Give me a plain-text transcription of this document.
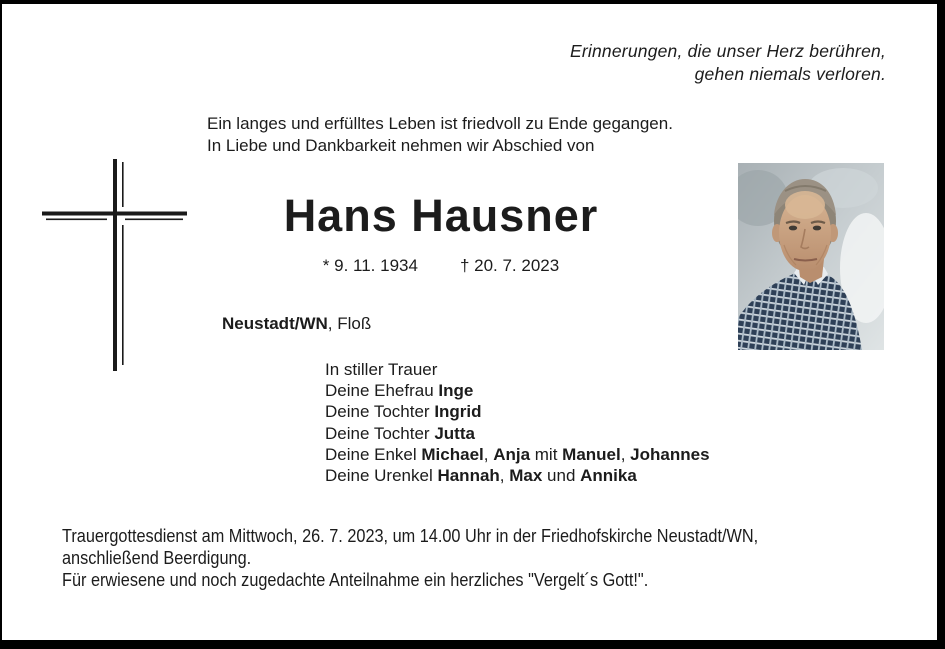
Erinnerungen, die unser Herz berühren,
gehen niemals verloren.
Ein langes und erfülltes Leben ist friedvoll zu Ende gegangen.
In Liebe und Dankbarkeit nehmen wir Abschied von
Hans Hausner
* 9. 11. 1934 † 20. 7. 2023
Neustadt/WN, Floß
In stiller Trauer
Deine Ehefrau Inge
Deine Tochter Ingrid
Deine Tochter Jutta
Deine Enkel Michael, Anja mit Manuel, Johannes
Deine Urenkel Hannah, Max und Annika
Trauergottesdienst am Mittwoch, 26. 7. 2023, um 14.00 Uhr in der Friedhofskirche Neustadt/WN,
anschließend Beerdigung.
Für erwiesene und noch zugedachte Anteilnahme ein herzliches "Vergelt´s Gott!".
